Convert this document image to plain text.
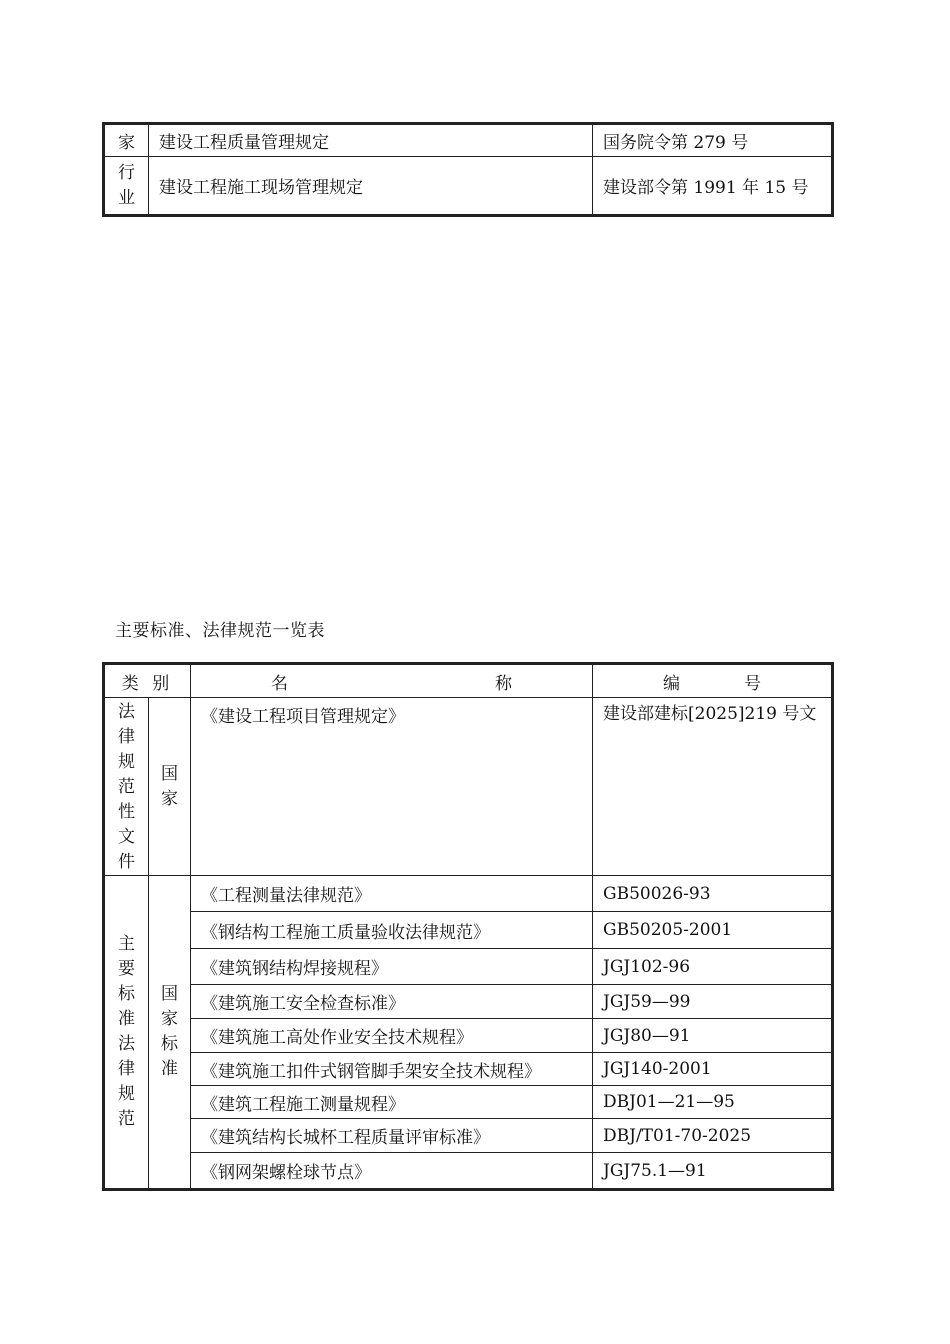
家	建设工程质量管理规定	国务院令第 279 号

行业	建设工程施工现场管理规定	建设部令第 1991 年 15 号
主要标准、法律规范一览表
类 别		名 称	编 号

法律规范性文件	国家	《建设工程项目管理规定》	建设部建标[2025]219 号文

主要标准法律规范	国家标准	《工程测量法律规范》	GB50026-93
		《钢结构工程施工质量验收法律规范》	GB50205-2001
		《建筑钢结构焊接规程》	JGJ102-96
		《建筑施工安全检查标准》	JGJ59—99
		《建筑施工高处作业安全技术规程》	JGJ80—91
		《建筑施工扣件式钢管脚手架安全技术规程》	JGJ140-2001
		《建筑工程施工测量规程》	DBJ01—21—95
		《建筑结构长城杯工程质量评审标准》	DBJ/T01-70-2025
		《钢网架螺栓球节点》	JGJ75.1—91
